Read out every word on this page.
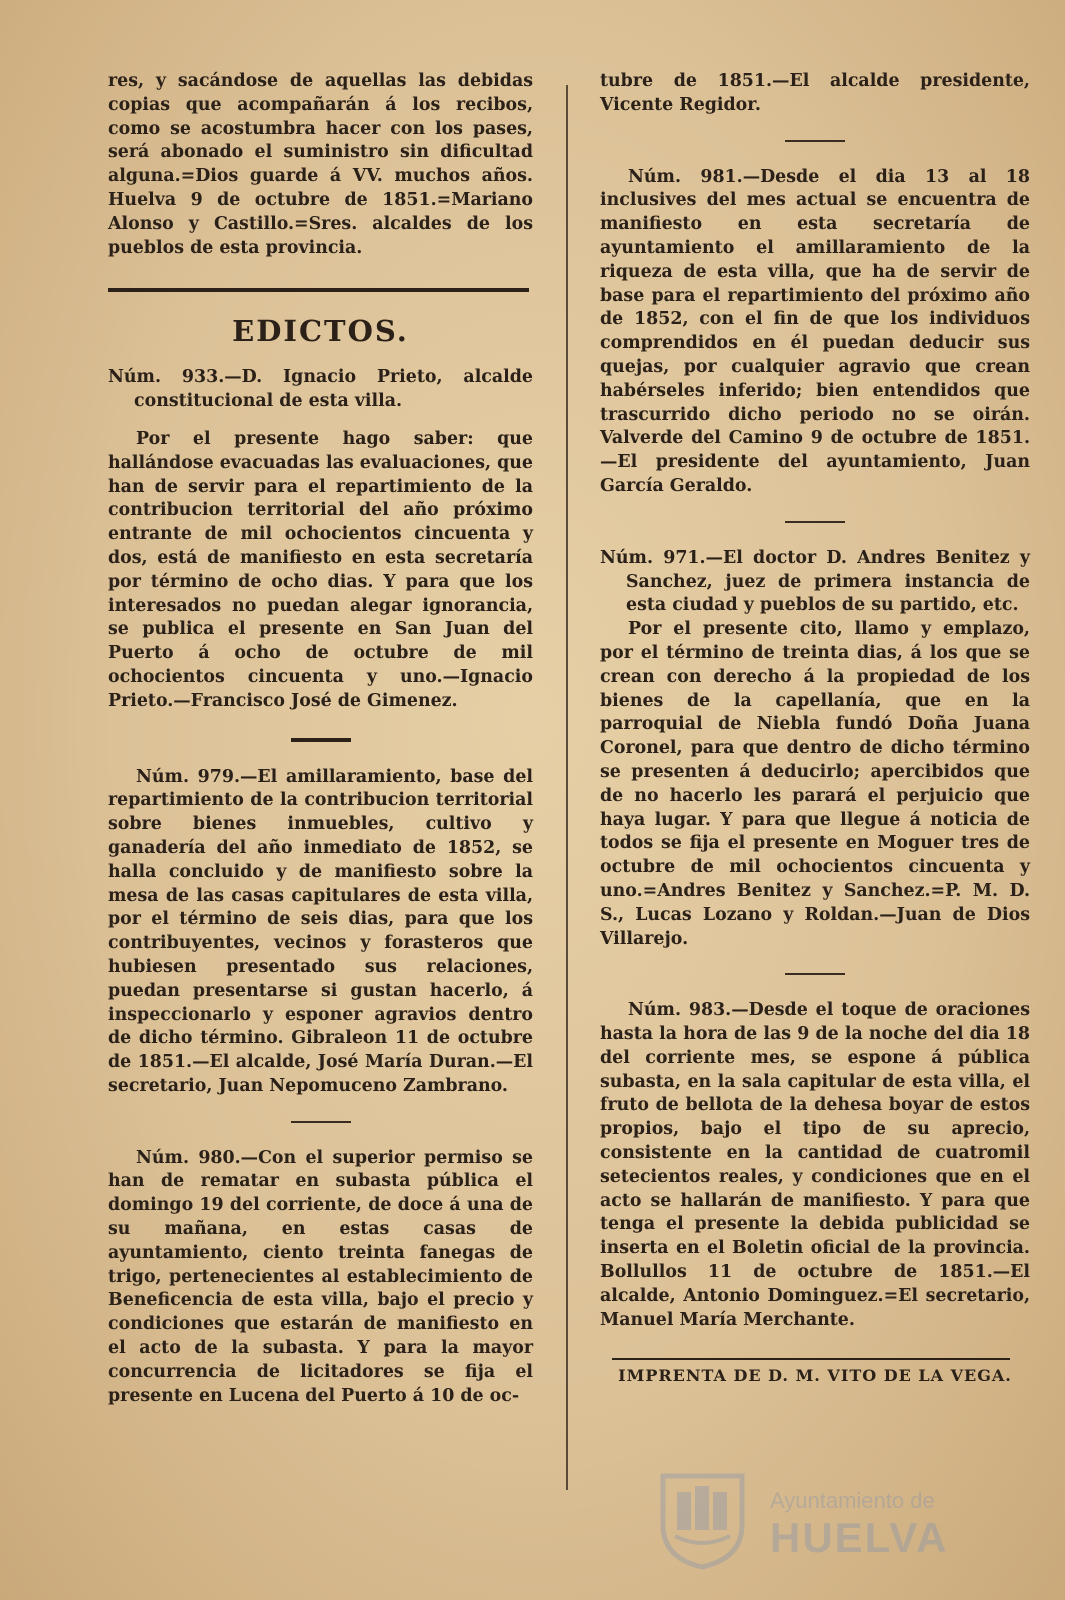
res, y sacándose de aquellas las debidas copias que acompañarán á los recibos, como se acostumbra hacer con los pases, será abonado el suministro sin dificultad alguna.=Dios guarde á VV. muchos años. Huelva 9 de octubre de 1851.=Mariano Alonso y Castillo.=Sres. alcaldes de los pueblos de esta provincia.

EDICTOS.

Núm. 933.—D. Ignacio Prieto, alcalde constitucional de esta villa.

Por el presente hago saber: que hallándose evacuadas las evaluaciones, que han de servir para el repartimiento de la contribucion territorial del año próximo entrante de mil ochocientos cincuenta y dos, está de manifiesto en esta secretaría por término de ocho dias. Y para que los interesados no puedan alegar ignorancia, se publica el presente en San Juan del Puerto á ocho de octubre de mil ochocientos cincuenta y uno.—Ignacio Prieto.—Francisco José de Gimenez.

Núm. 979.—El amillaramiento, base del repartimiento de la contribucion territorial sobre bienes inmuebles, cultivo y ganadería del año inmediato de 1852, se halla concluido y de manifiesto sobre la mesa de las casas capitulares de esta villa, por el término de seis dias, para que los contribuyentes, vecinos y forasteros que hubiesen presentado sus relaciones, puedan presentarse si gustan hacerlo, á inspeccionarlo y esponer agravios dentro de dicho término. Gibraleon 11 de octubre de 1851.—El alcalde, José María Duran.—El secretario, Juan Nepomuceno Zambrano.

Núm. 980.—Con el superior permiso se han de rematar en subasta pública el domingo 19 del corriente, de doce á una de su mañana, en estas casas de ayuntamiento, ciento treinta fanegas de trigo, pertenecientes al establecimiento de Beneficencia de esta villa, bajo el precio y condiciones que estarán de manifiesto en el acto de la subasta. Y para la mayor concurrencia de licitadores se fija el presente en Lucena del Puerto á 10 de oc-

tubre de 1851.—El alcalde presidente, Vicente Regidor.

Núm. 981.—Desde el dia 13 al 18 inclusives del mes actual se encuentra de manifiesto en esta secretaría de ayuntamiento el amillaramiento de la riqueza de esta villa, que ha de servir de base para el repartimiento del próximo año de 1852, con el fin de que los individuos comprendidos en él puedan deducir sus quejas, por cualquier agravio que crean habérseles inferido; bien entendidos que trascurrido dicho periodo no se oirán. Valverde del Camino 9 de octubre de 1851.—El presidente del ayuntamiento, Juan García Geraldo.

Núm. 971.—El doctor D. Andres Benitez y Sanchez, juez de primera instancia de esta ciudad y pueblos de su partido, etc.

Por el presente cito, llamo y emplazo, por el término de treinta dias, á los que se crean con derecho á la propiedad de los bienes de la capellanía, que en la parroquial de Niebla fundó Doña Juana Coronel, para que dentro de dicho término se presenten á deducirlo; apercibidos que de no hacerlo les parará el perjuicio que haya lugar. Y para que llegue á noticia de todos se fija el presente en Moguer tres de octubre de mil ochocientos cincuenta y uno.=Andres Benitez y Sanchez.=P. M. D. S., Lucas Lozano y Roldan.—Juan de Dios Villarejo.

Núm. 983.—Desde el toque de oraciones hasta la hora de las 9 de la noche del dia 18 del corriente mes, se espone á pública subasta, en la sala capitular de esta villa, el fruto de bellota de la dehesa boyar de estos propios, bajo el tipo de su aprecio, consistente en la cantidad de cuatromil setecientos reales, y condiciones que en el acto se hallarán de manifiesto. Y para que tenga el presente la debida publicidad se inserta en el Boletin oficial de la provincia. Bollullos 11 de octubre de 1851.—El alcalde, Antonio Dominguez.=El secretario, Manuel María Merchante.

IMPRENTA DE D. M. VITO DE LA VEGA.
Ayuntamiento de
HUELVA
